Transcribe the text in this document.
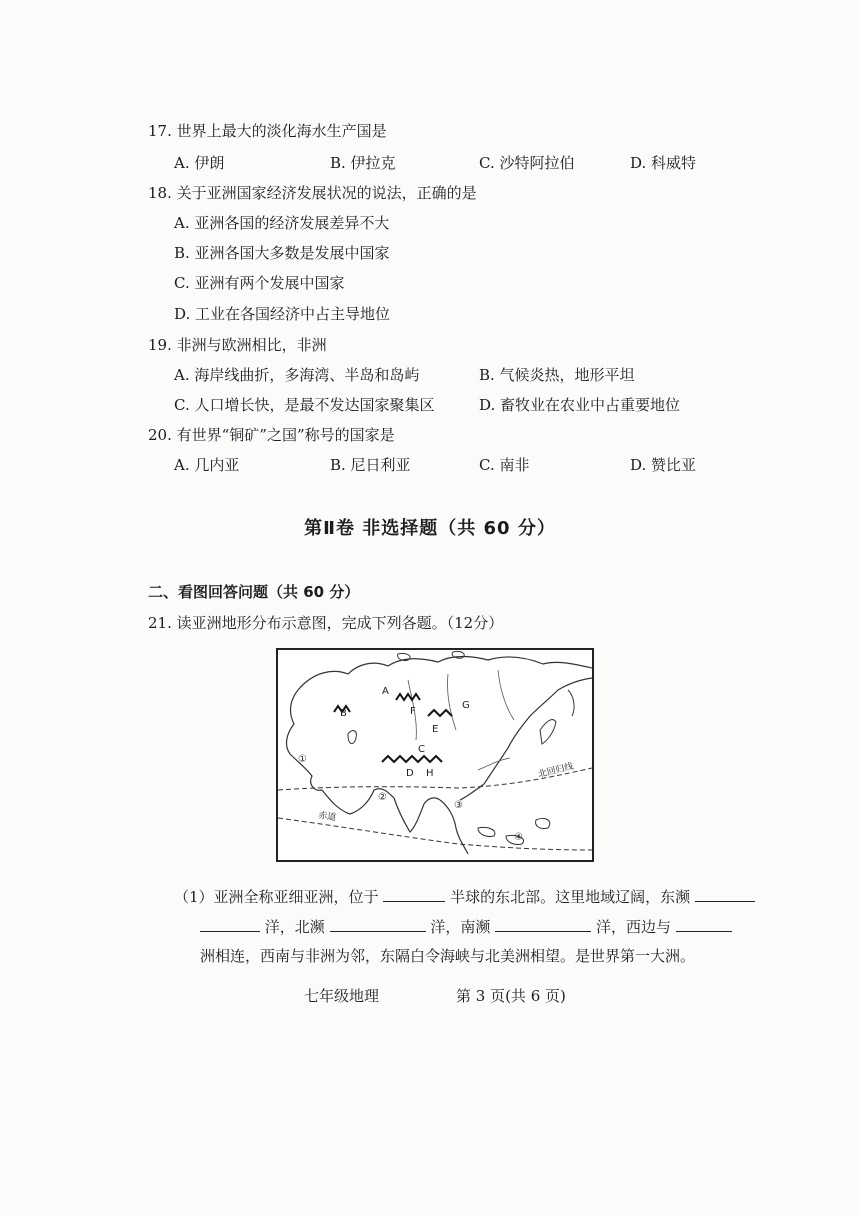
17. 世界上最大的淡化海水生产国是
A. 伊朗	B. 伊拉克	C. 沙特阿拉伯	D. 科威特
18. 关于亚洲国家经济发展状况的说法，正确的是
A. 亚洲各国的经济发展差异不大
B. 亚洲各国大多数是发展中国家
C. 亚洲有两个发展中国家
D. 工业在各国经济中占主导地位
19. 非洲与欧洲相比，非洲
A. 海岸线曲折，多海湾、半岛和岛屿	B. 气候炎热，地形平坦
C. 人口增长快，是最不发达国家聚集区	D. 畜牧业在农业中占重要地位
20. 有世界“铜矿”之国”称号的国家是
A. 几内亚	B. 尼日利亚	C. 南非	D. 赞比亚
第Ⅱ卷 非选择题（共 60 分）
二、看图回答问题（共 60 分）
21. 读亚洲地形分布示意图，完成下列各题。（12分）
A
B
C
D
E
F
G
H
①
②
③
④
北回归线
赤道
（1）亚洲全称亚细亚洲，位于	半球的东北部。这里地域辽阔，东濒
洋，北濒	洋，南濒	洋，西边与
洲相连，西南与非洲为邻，东隔白令海峡与北美洲相望。是世界第一大洲。
七年级地理	第 3 页(共 6 页)
